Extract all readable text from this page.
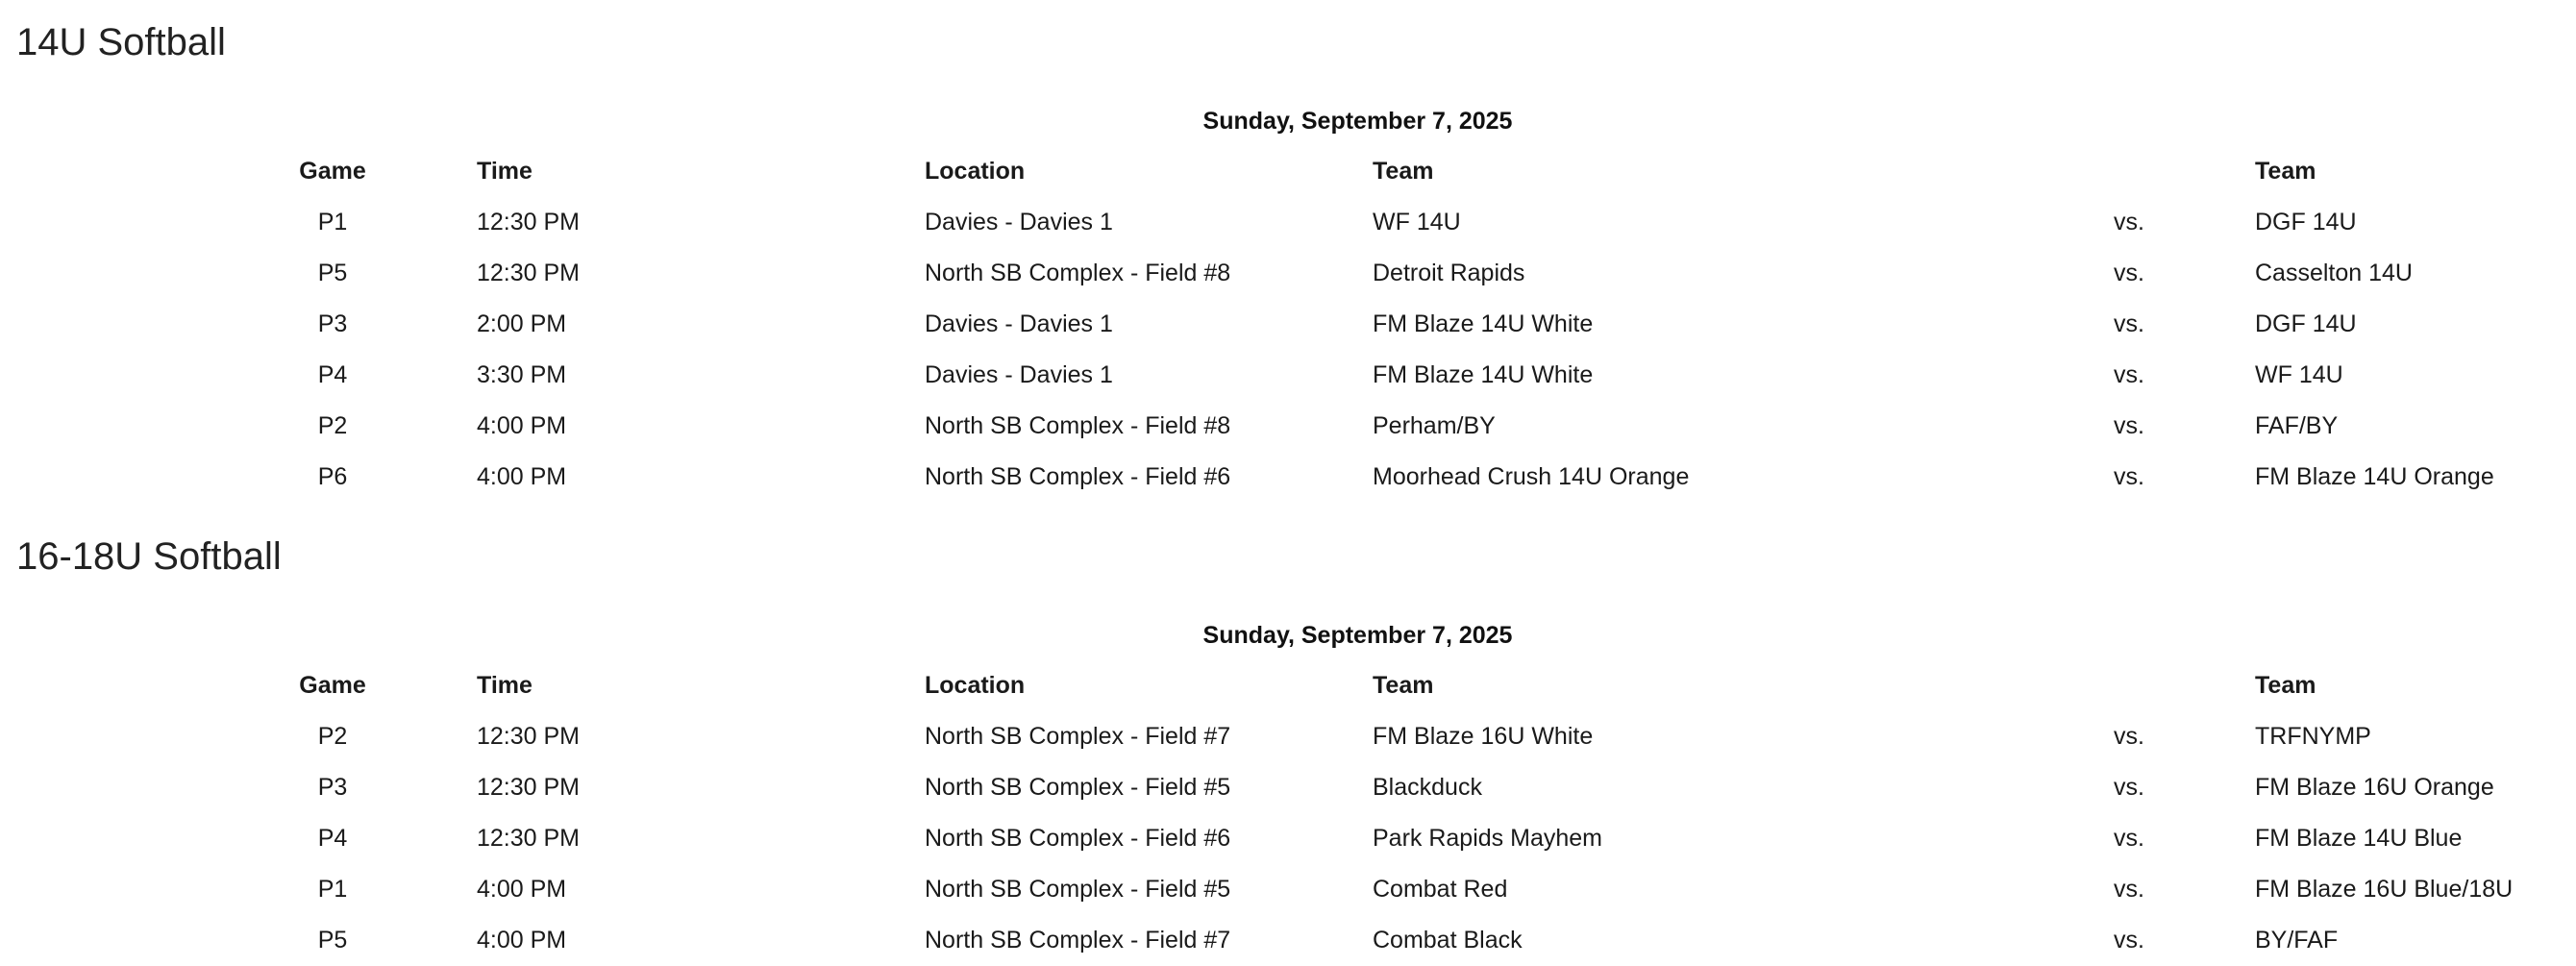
14U Softball
Sunday, September 7, 2025
Game	Time	Location	Team		Team
P1	12:30 PM	Davies - Davies 1	WF 14U	vs.	DGF 14U
P5	12:30 PM	North SB Complex - Field #8	Detroit Rapids	vs.	Casselton 14U
P3	2:00 PM	Davies - Davies 1	FM Blaze 14U White	vs.	DGF 14U
P4	3:30 PM	Davies - Davies 1	FM Blaze 14U White	vs.	WF 14U
P2	4:00 PM	North SB Complex - Field #8	Perham/BY	vs.	FAF/BY
P6	4:00 PM	North SB Complex - Field #6	Moorhead Crush 14U Orange	vs.	FM Blaze 14U Orange
16-18U Softball
Sunday, September 7, 2025
Game	Time	Location	Team		Team
P2	12:30 PM	North SB Complex - Field #7	FM Blaze 16U White	vs.	TRFNYMP
P3	12:30 PM	North SB Complex - Field #5	Blackduck	vs.	FM Blaze 16U Orange
P4	12:30 PM	North SB Complex - Field #6	Park Rapids Mayhem	vs.	FM Blaze 14U Blue
P1	4:00 PM	North SB Complex - Field #5	Combat Red	vs.	FM Blaze 16U Blue/18U
P5	4:00 PM	North SB Complex - Field #7	Combat Black	vs.	BY/FAF
